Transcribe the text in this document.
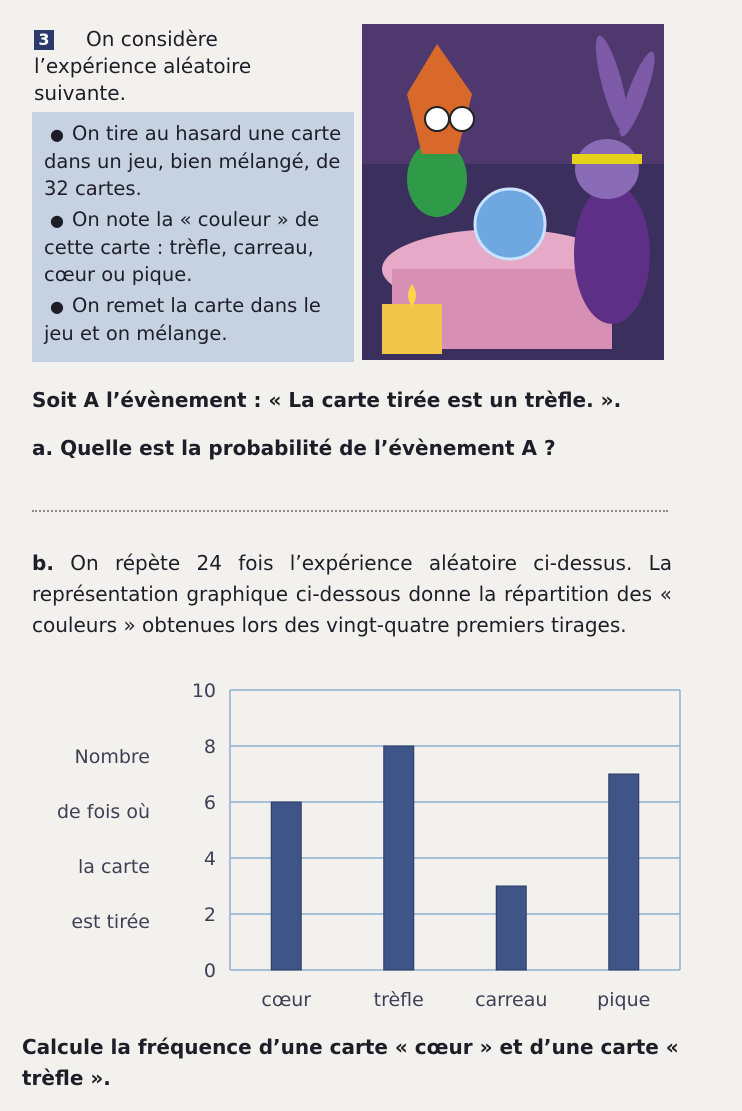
3	On considère
l’expérience aléatoire
suivante.

● On tire au hasard une carte dans un jeu, bien mélangé, de 32 cartes.

● On note la « couleur » de cette carte : trèfle, carreau, cœur ou pique.

● On remet la carte dans le jeu et on mélange.

Soit A l’évènement : « La carte tirée est un trèfle. ».
a. Quelle est la probabilité de l’évènement A ?
b. On répète 24 fois l’expérience aléatoire ci-dessus. La représentation graphique ci-dessous donne la répartition des « couleurs » obtenues lors des vingt-quatre premiers tirages.
Nombre
de fois où
la carte
est tirée
0
2
4
6
8
10
cœur	trèfle	carreau	pique
Calcule la fréquence d’une carte « cœur » et d’une carte « trèfle ».
